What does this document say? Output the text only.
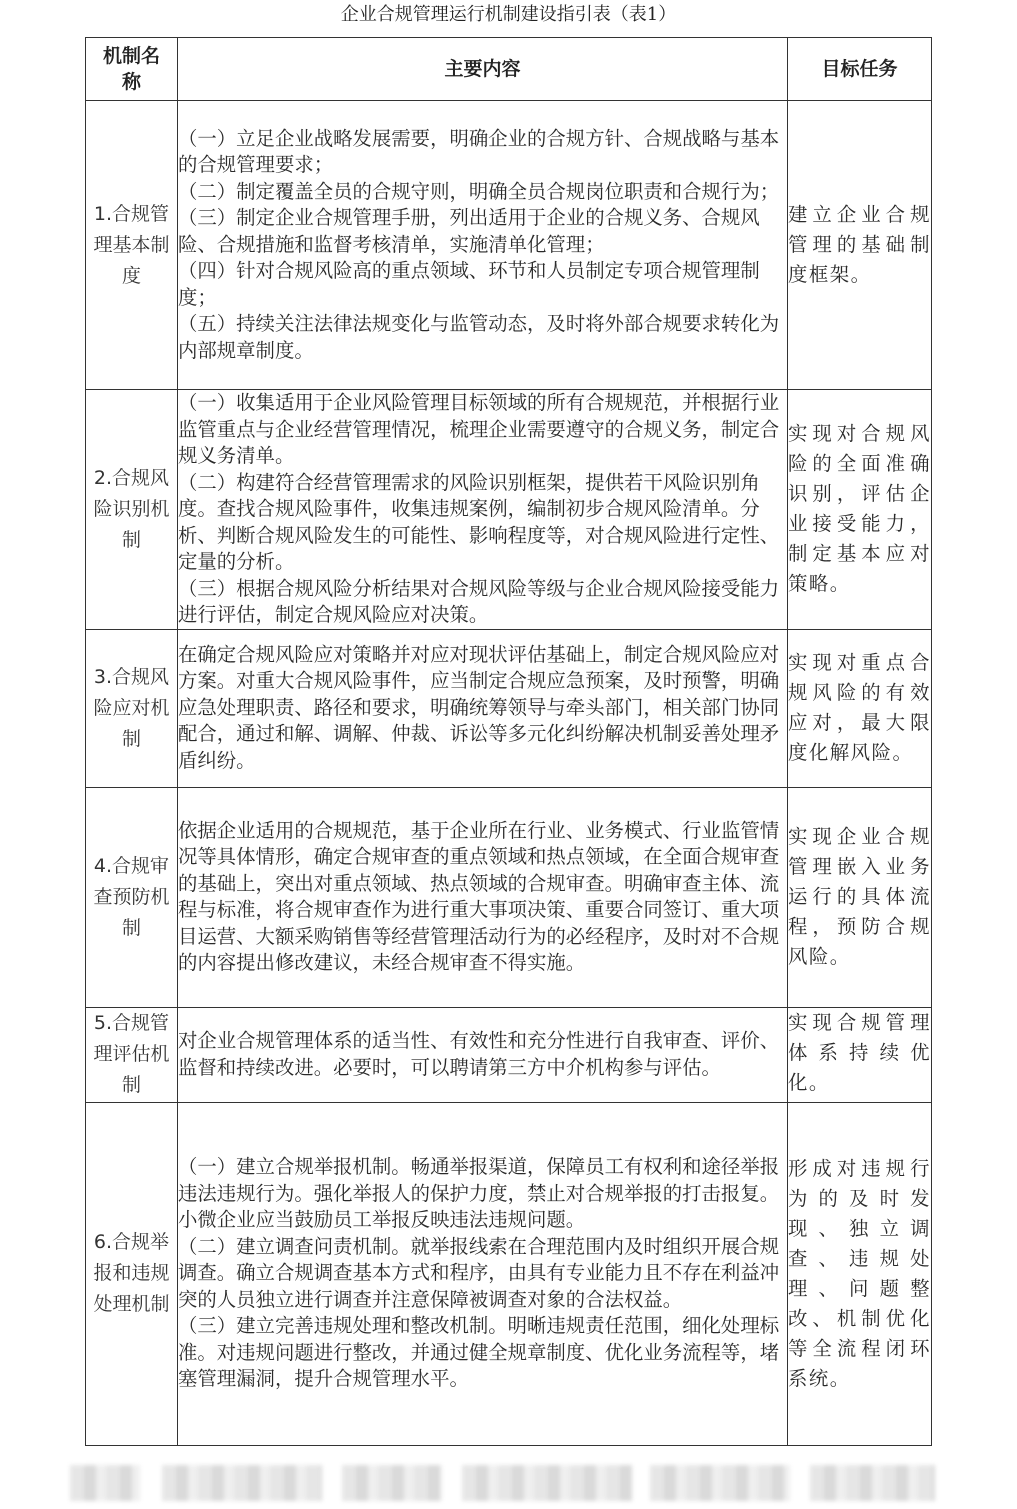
企业合规管理运行机制建设指引表（表1）
机制名称	主要内容	目标任务
1.合规管理基本制度	（一）立足企业战略发展需要，明确企业的合规方针、合规战略与基本的合规管理要求；

（二）制定覆盖全员的合规守则，明确全员合规岗位职责和合规行为；

（三）制定企业合规管理手册，列出适用于企业的合规义务、合规风险、合规措施和监督考核清单，实施清单化管理；

（四）针对合规风险高的重点领域、环节和人员制定专项合规管理制度；

（五）持续关注法律法规变化与监管动态，及时将外部合规要求转化为内部规章制度。	建立企业合规管理的基础制度框架。
2.合规风险识别机制	（一）收集适用于企业风险管理目标领域的所有合规规范，并根据行业监管重点与企业经营管理情况，梳理企业需要遵守的合规义务，制定合规义务清单。

（二）构建符合经营管理需求的风险识别框架，提供若干风险识别角度。查找合规风险事件，收集违规案例，编制初步合规风险清单。分析、判断合规风险发生的可能性、影响程度等，对合规风险进行定性、定量的分析。

（三）根据合规风险分析结果对合规风险等级与企业合规风险接受能力进行评估，制定合规风险应对决策。	实现对合规风险的全面准确识别，评估企业接受能力，制定基本应对策略。
3.合规风险应对机制	在确定合规风险应对策略并对应对现状评估基础上，制定合规风险应对方案。对重大合规风险事件，应当制定合规应急预案，及时预警，明确应急处理职责、路径和要求，明确统筹领导与牵头部门，相关部门协同配合，通过和解、调解、仲裁、诉讼等多元化纠纷解决机制妥善处理矛盾纠纷。	实现对重点合规风险的有效应对，最大限度化解风险。
4.合规审查预防机制	依据企业适用的合规规范，基于企业所在行业、业务模式、行业监管情况等具体情形，确定合规审查的重点领域和热点领域，在全面合规审查的基础上，突出对重点领域、热点领域的合规审查。明确审查主体、流程与标准，将合规审查作为进行重大事项决策、重要合同签订、重大项目运营、大额采购销售等经营管理活动行为的必经程序，及时对不合规的内容提出修改建议，未经合规审查不得实施。	实现企业合规管理嵌入业务运行的具体流程，预防合规风险。
5.合规管理评估机制	对企业合规管理体系的适当性、有效性和充分性进行自我审查、评价、监督和持续改进。必要时，可以聘请第三方中介机构参与评估。	实现合规管理体系持续优化。
6.合规举报和违规处理机制	（一）建立合规举报机制。畅通举报渠道，保障员工有权利和途径举报违法违规行为。强化举报人的保护力度，禁止对合规举报的打击报复。小微企业应当鼓励员工举报反映违法违规问题。

（二）建立调查问责机制。就举报线索在合理范围内及时组织开展合规调查。确立合规调查基本方式和程序，由具有专业能力且不存在利益冲突的人员独立进行调查并注意保障被调查对象的合法权益。

（三）建立完善违规处理和整改机制。明晰违规责任范围，细化处理标准。对违规问题进行整改，并通过健全规章制度、优化业务流程等，堵塞管理漏洞，提升合规管理水平。	形成对违规行为的及时发现、独立调查、违规处理、问题整改、机制优化等全流程闭环系统。
